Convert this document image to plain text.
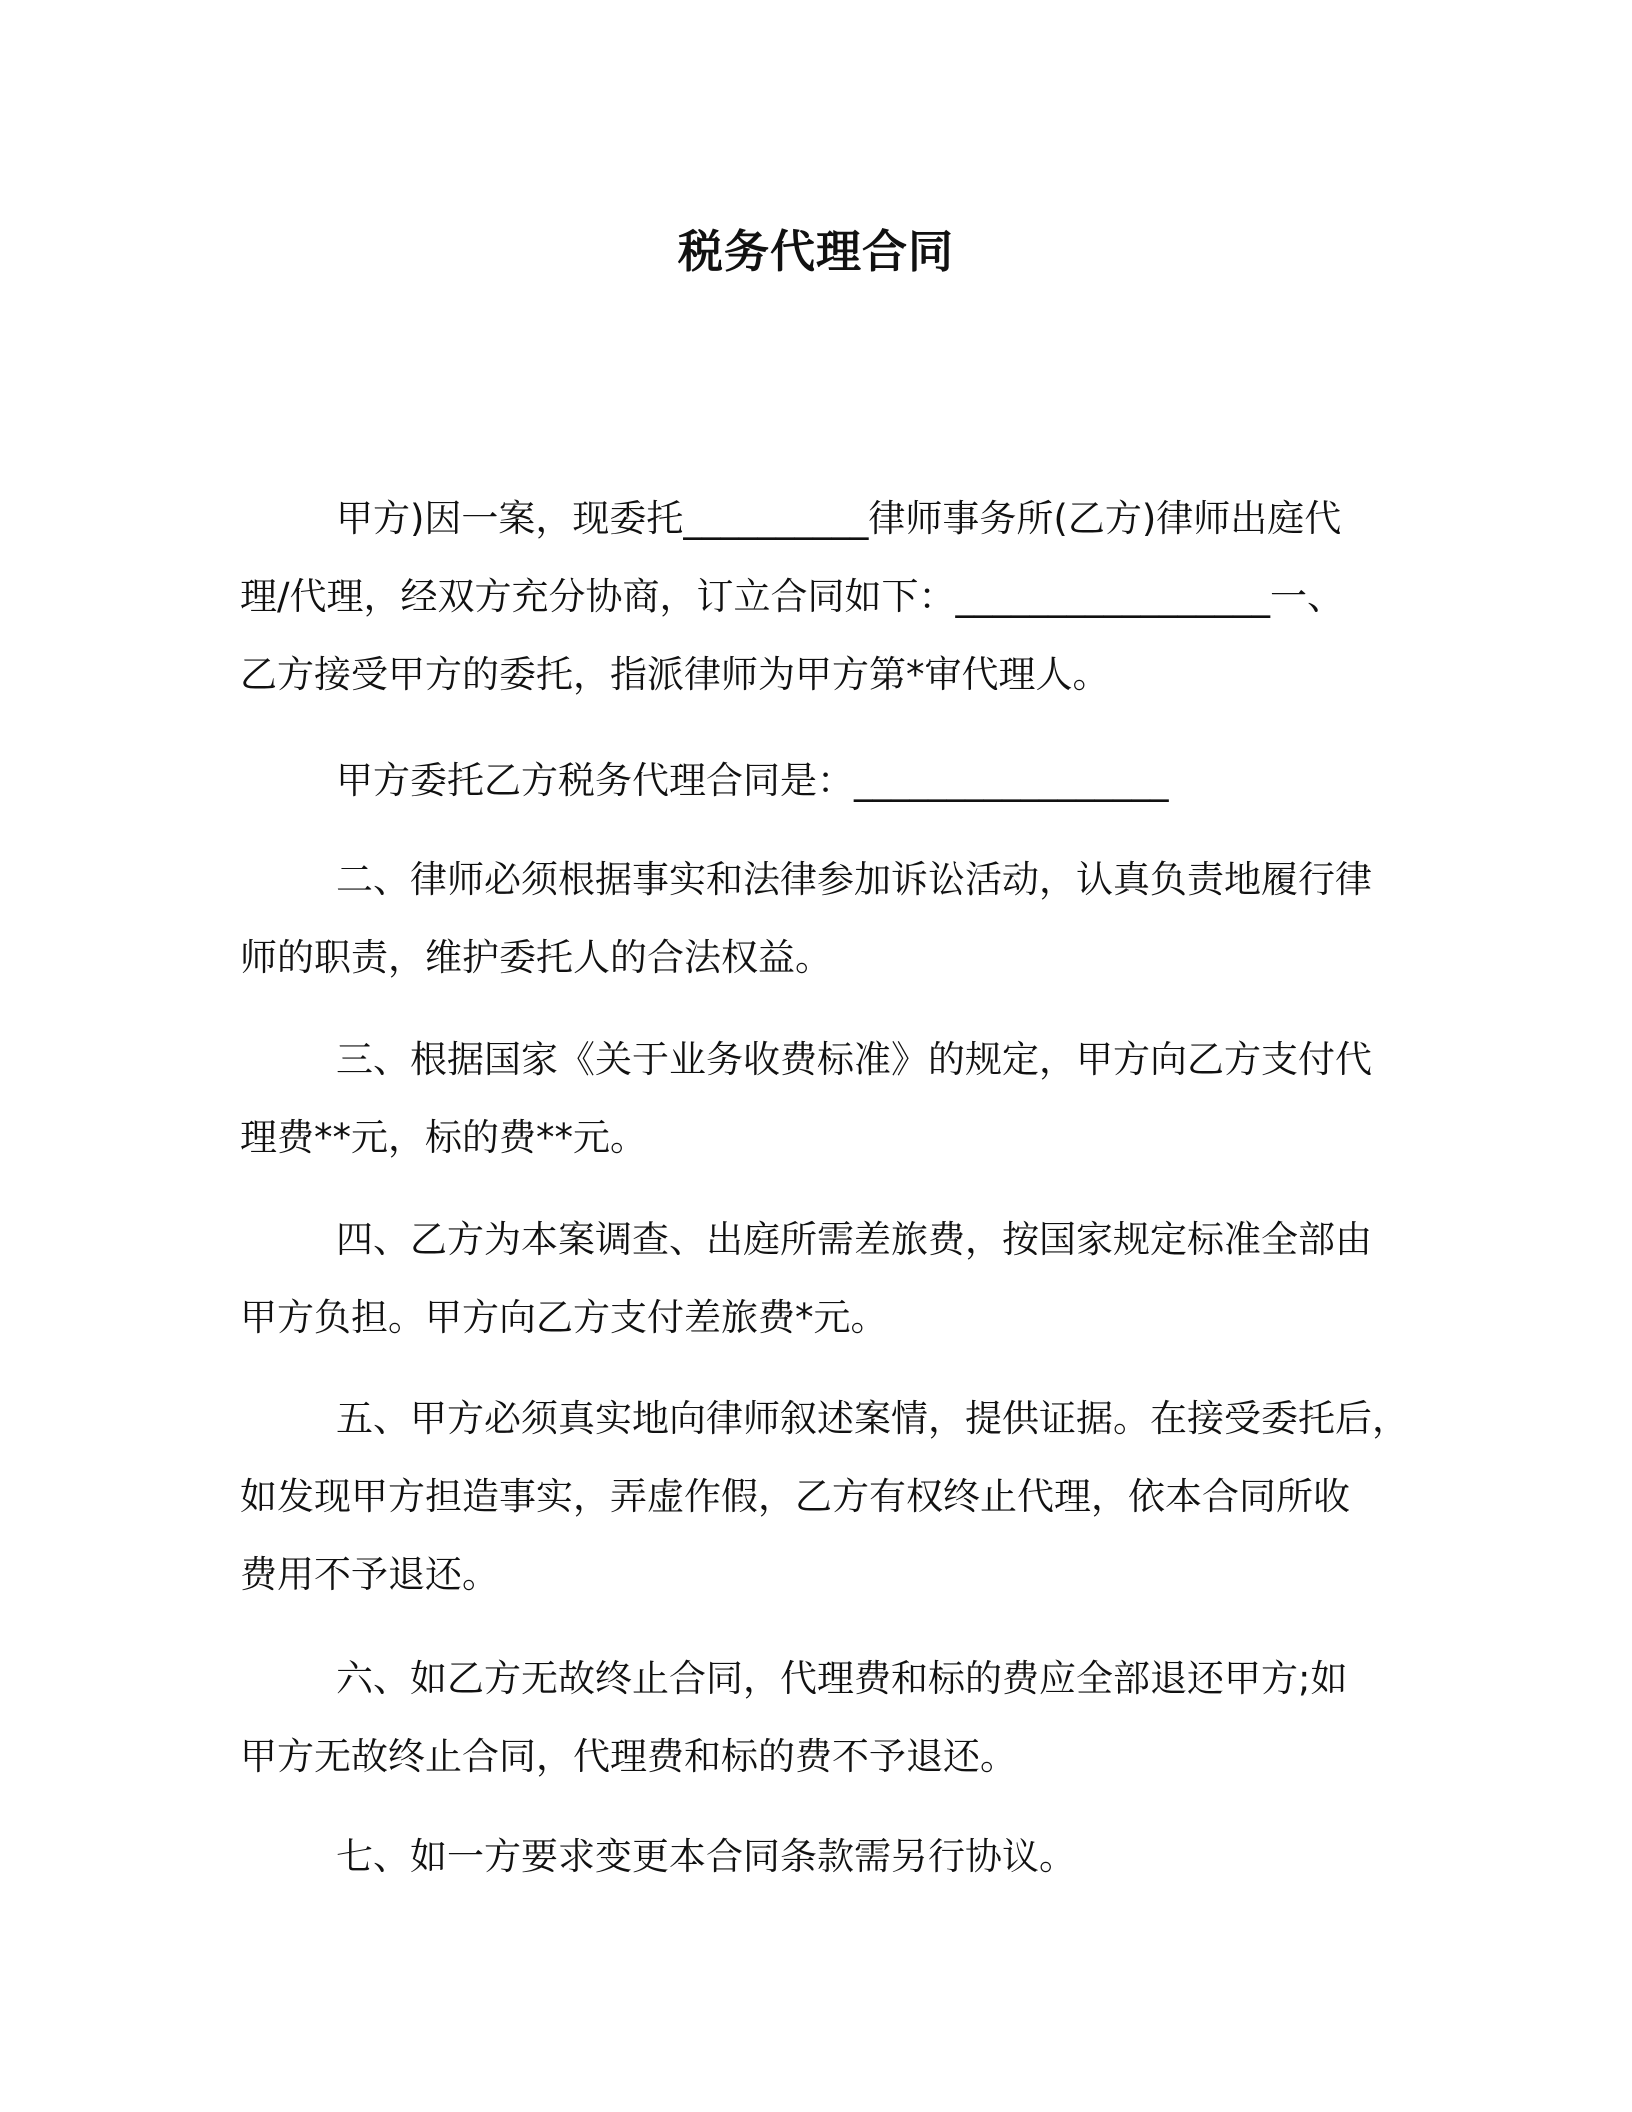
税务代理合同
甲方)因一案，现委托__________律师事务所(乙方)律师出庭代
理/代理，经双方充分协商，订立合同如下：_________________一、
乙方接受甲方的委托，指派律师为甲方第*审代理人。
甲方委托乙方税务代理合同是：_________________
二、律师必须根据事实和法律参加诉讼活动，认真负责地履行律
师的职责，维护委托人的合法权益。
三、根据国家《关于业务收费标准》的规定，甲方向乙方支付代
理费**元，标的费**元。
四、乙方为本案调查、出庭所需差旅费，按国家规定标准全部由
甲方负担。甲方向乙方支付差旅费*元。
五、甲方必须真实地向律师叙述案情，提供证据。在接受委托后，
如发现甲方担造事实，弄虚作假，乙方有权终止代理，依本合同所收
费用不予退还。
六、如乙方无故终止合同，代理费和标的费应全部退还甲方;如
甲方无故终止合同，代理费和标的费不予退还。
七、如一方要求变更本合同条款需另行协议。
